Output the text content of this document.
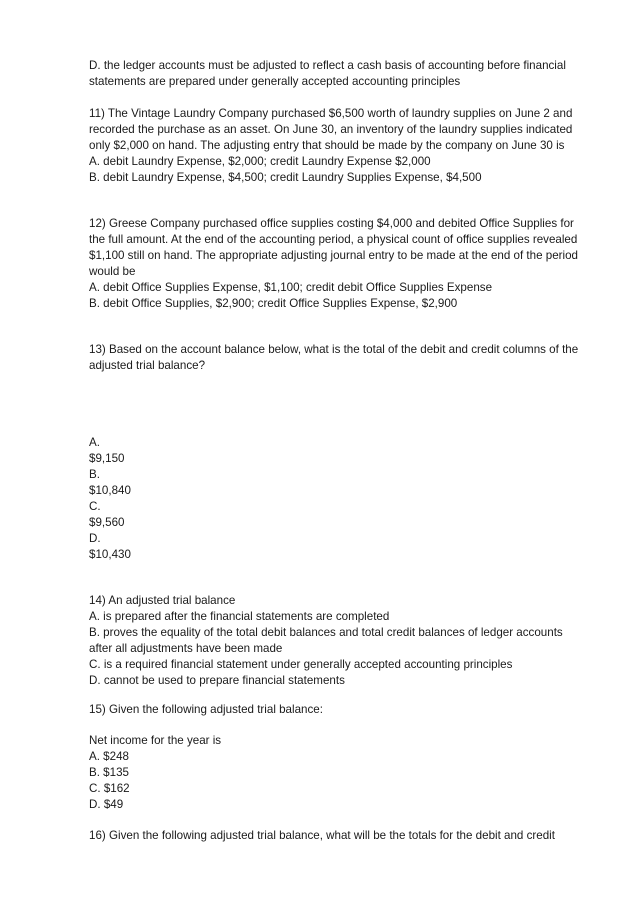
D. the ledger accounts must be adjusted to reflect a cash basis of accounting before financial
statements are prepared under generally accepted accounting principles
11) The Vintage Laundry Company purchased $6,500 worth of laundry supplies on June 2 and
recorded the purchase as an asset. On June 30, an inventory of the laundry supplies indicated
only $2,000 on hand. The adjusting entry that should be made by the company on June 30 is
A. debit Laundry Expense, $2,000; credit Laundry Expense $2,000
B. debit Laundry Expense, $4,500; credit Laundry Supplies Expense, $4,500
12) Greese Company purchased office supplies costing $4,000 and debited Office Supplies for
the full amount. At the end of the accounting period, a physical count of office supplies revealed
$1,100 still on hand. The appropriate adjusting journal entry to be made at the end of the period
would be
A. debit Office Supplies Expense, $1,100; credit debit Office Supplies Expense
B. debit Office Supplies, $2,900; credit Office Supplies Expense, $2,900
13) Based on the account balance below, what is the total of the debit and credit columns of the
adjusted trial balance?
A.
$9,150
B.
$10,840
C.
$9,560
D.
$10,430
14) An adjusted trial balance
A. is prepared after the financial statements are completed
B. proves the equality of the total debit balances and total credit balances of ledger accounts
after all adjustments have been made
C. is a required financial statement under generally accepted accounting principles
D. cannot be used to prepare financial statements
15) Given the following adjusted trial balance:
Net income for the year is
A. $248
B. $135
C. $162
D. $49
16) Given the following adjusted trial balance, what will be the totals for the debit and credit
